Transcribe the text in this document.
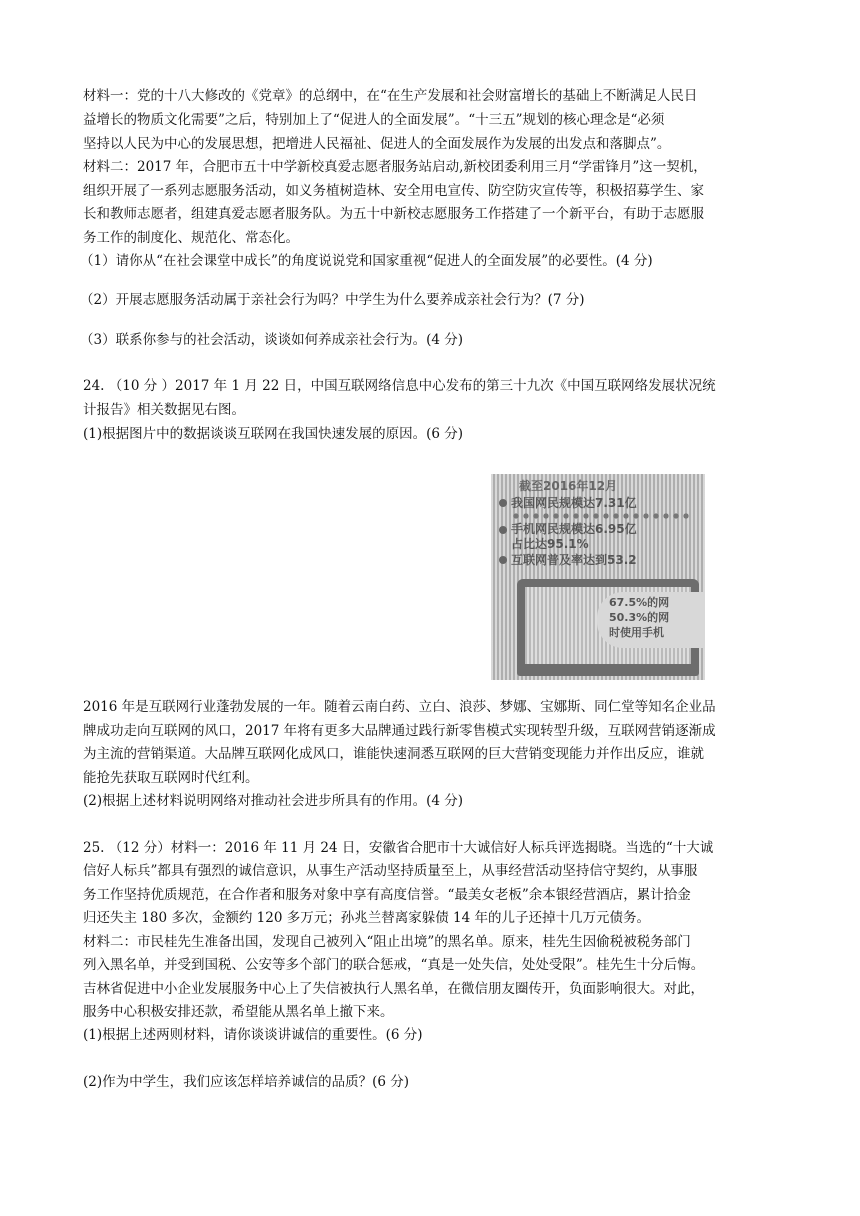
材料一：党的十八大修改的《党章》的总纲中，在“在生产发展和社会财富增长的基础上不断满足人民日
益增长的物质文化需要”之后，特别加上了“促进人的全面发展”。“十三五”规划的核心理念是“必须
坚持以人民为中心的发展思想，把增进人民福祉、促进人的全面发展作为发展的出发点和落脚点”。
材料二：2017 年，合肥市五十中学新校真爱志愿者服务站启动,新校团委利用三月“学雷锋月”这一契机，
组织开展了一系列志愿服务活动，如义务植树造林、安全用电宣传、防空防灾宣传等，积极招募学生、家
长和教师志愿者，组建真爱志愿者服务队。为五十中新校志愿服务工作搭建了一个新平台，有助于志愿服
务工作的制度化、规范化、常态化。
（1）请你从“在社会课堂中成长”的角度说说党和国家重视“促进人的全面发展”的必要性。(4 分)
（2）开展志愿服务活动属于亲社会行为吗？中学生为什么要养成亲社会行为？(7 分)
（3）联系你参与的社会活动，谈谈如何养成亲社会行为。(4 分)
24. （10 分 ）2017 年 1 月 22 日，中国互联网络信息中心发布的第三十九次《中国互联网络发展状况统
计报告》相关数据见右图。
(1)根据图片中的数据谈谈互联网在我国快速发展的原因。(6 分)
截至2016年12月
我国网民规模达7.31亿
手机网民规模达6.95亿
占比达95.1%
互联网普及率达到53.2
67.5%的网
50.3%的网
时使用手机
2016 年是互联网行业蓬勃发展的一年。随着云南白药、立白、浪莎、梦娜、宝娜斯、同仁堂等知名企业品
牌成功走向互联网的风口，2017 年将有更多大品牌通过践行新零售模式实现转型升级，互联网营销逐渐成
为主流的营销渠道。大品牌互联网化成风口，谁能快速洞悉互联网的巨大营销变现能力并作出反应，谁就
能抢先获取互联网时代红利。
(2)根据上述材料说明网络对推动社会进步所具有的作用。(4 分)
25. （12 分）材料一：2016 年 11 月 24 日，安徽省合肥市十大诚信好人标兵评选揭晓。当选的“十大诚
信好人标兵”都具有强烈的诚信意识，从事生产活动坚持质量至上，从事经营活动坚持信守契约，从事服
务工作坚持优质规范，在合作者和服务对象中享有高度信誉。“最美女老板”余本银经营酒店，累计拾金
归还失主 180 多次，金额约 120 多万元；孙兆兰替离家躲债 14 年的儿子还掉十几万元债务。
材料二：市民桂先生准备出国，发现自己被列入“阻止出境”的黑名单。原来，桂先生因偷税被税务部门
列入黑名单，并受到国税、公安等多个部门的联合惩戒，“真是一处失信，处处受限”。桂先生十分后悔。
吉林省促进中小企业发展服务中心上了失信被执行人黑名单，在微信朋友圈传开，负面影响很大。对此，
服务中心积极安排还款，希望能从黑名单上撤下来。
(1)根据上述两则材料，请你谈谈讲诚信的重要性。(6 分)
(2)作为中学生，我们应该怎样培养诚信的品质？(6 分)
